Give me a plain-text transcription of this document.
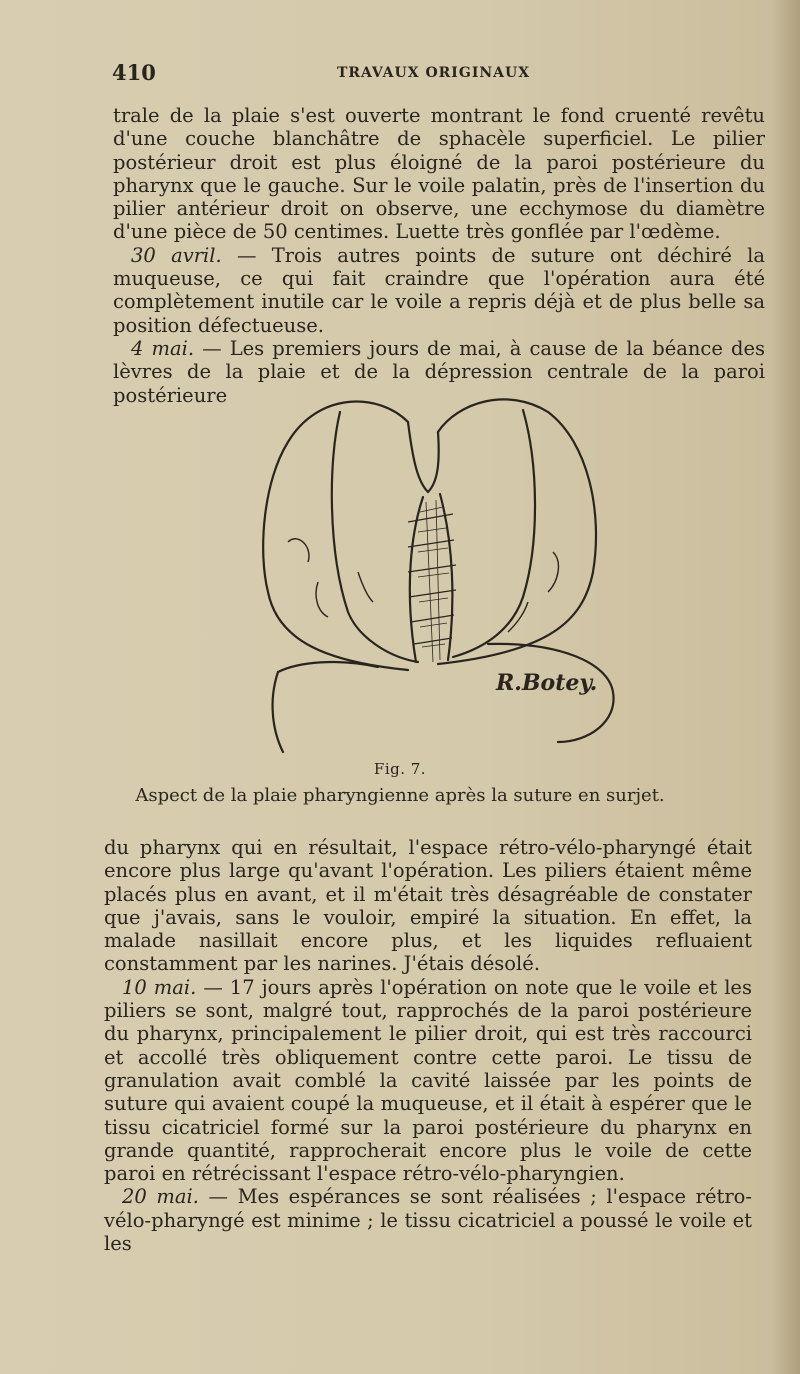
410	TRAVAUX ORIGINAUX

trale de la plaie s'est ouverte montrant le fond cruenté revêtu d'une couche blanchâtre de sphacèle superficiel. Le pilier postérieur droit est plus éloigné de la paroi postérieure du pharynx que le gauche. Sur le voile palatin, près de l'insertion du pilier antérieur droit on observe, une ecchymose du diamètre d'une pièce de 50 centimes. Luette très gonflée par l'œdème.

30 avril. — Trois autres points de suture ont déchiré la muqueuse, ce qui fait craindre que l'opération aura été complètement inutile car le voile a repris déjà et de plus belle sa position défectueuse.

4 mai. — Les premiers jours de mai, à cause de la béance des lèvres de la plaie et de la dépression centrale de la paroi postérieure

R.Botey.
Fig. 7.
Aspect de la plaie pharyngienne après la suture en surjet.

du pharynx qui en résultait, l'espace rétro-vélo-pharyngé était encore plus large qu'avant l'opération. Les piliers étaient même placés plus en avant, et il m'était très désagréable de constater que j'avais, sans le vouloir, empiré la situation. En effet, la malade nasillait encore plus, et les liquides refluaient constamment par les narines. J'étais désolé.

10 mai. — 17 jours après l'opération on note que le voile et les piliers se sont, malgré tout, rapprochés de la paroi postérieure du pharynx, principalement le pilier droit, qui est très raccourci et accollé très obliquement contre cette paroi. Le tissu de granulation avait comblé la cavité laissée par les points de suture qui avaient coupé la muqueuse, et il était à espérer que le tissu cicatriciel formé sur la paroi postérieure du pharynx en grande quantité, rapprocherait encore plus le voile de cette paroi en rétrécissant l'espace rétro-vélo-pharyngien.

20 mai. — Mes espérances se sont réalisées ; l'espace rétro-vélo-pharyngé est minime ; le tissu cicatriciel a poussé le voile et les
